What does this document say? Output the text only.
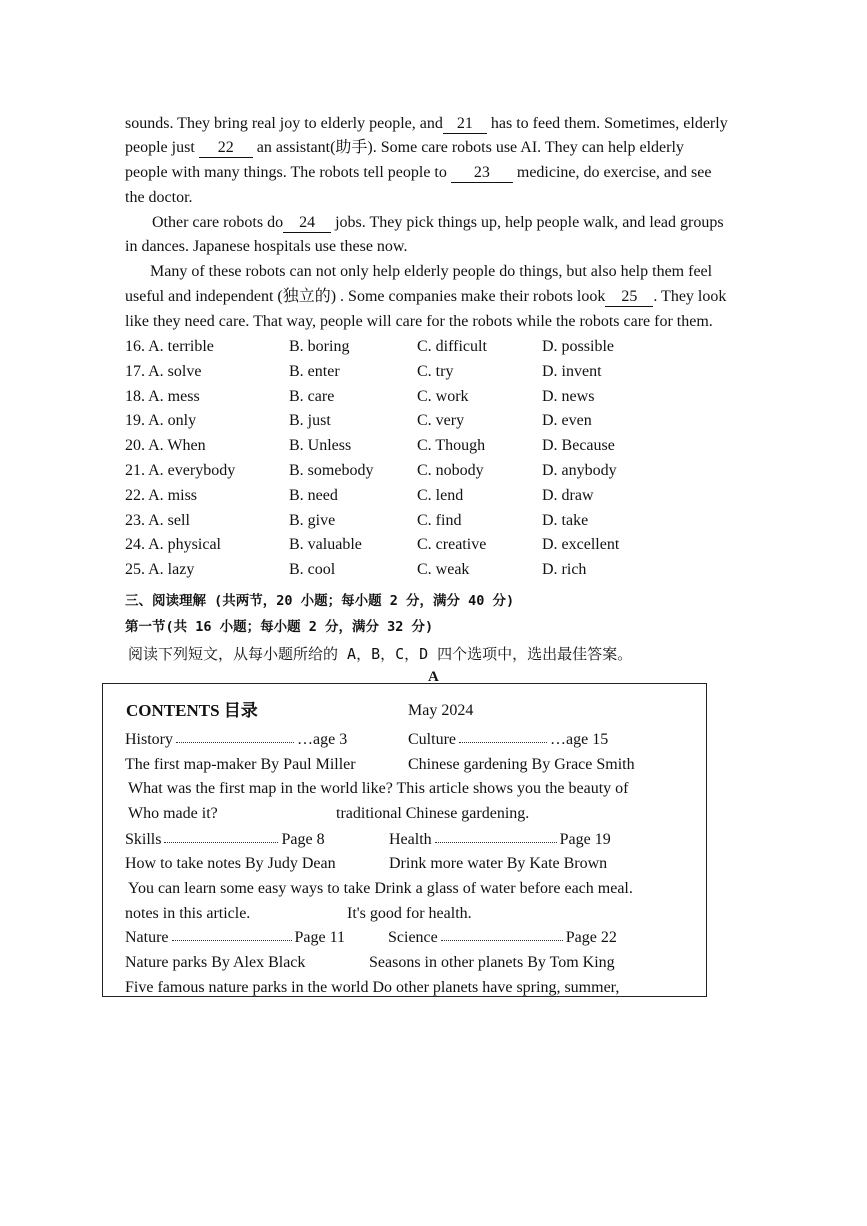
sounds. They bring real joy to elderly people, and 21 has to feed them. Sometimes, elderly
people just 22 an assistant(助手). Some care robots use AI. They can help elderly
people with many things. The robots tell people to 23 medicine, do exercise, and see
the doctor.
Other care robots do 24 jobs. They pick things up, help people walk, and lead groups
in dances. Japanese hospitals use these now.
Many of these robots can not only help elderly people do things, but also help them feel
useful and independent (独立的) . Some companies make their robots look 25 . They look
like they need care. That way, people will care for the robots while the robots care for them.
16. A. terrible	B. boring	C. difficult	D. possible
17. A. solve	B. enter	C. try	D. invent
18. A. mess	B. care	C. work	D. news
19. A. only	B. just	C. very	D. even
20. A. When	B. Unless	C. Though	D. Because
21. A. everybody	B. somebody	C. nobody	D. anybody
22. A. miss	B. need	C. lend	D. draw
23. A. sell	B. give	C. find	D. take
24. A. physical	B. valuable	C. creative	D. excellent
25. A. lazy	B. cool	C. weak	D. rich
三、阅读理解 (共两节，20 小题；每小题 2 分，满分 40 分)
第一节(共 16 小题；每小题 2 分，满分 32 分)
阅读下列短文，从每小题所给的 A，B，C，D 四个选项中，选出最佳答案。
A
CONTENTS 目录	May 2024
History	…age 3	Culture	…age 15
The first map-maker By Paul Miller	Chinese gardening By Grace Smith
What was the first map in the world like? This article shows you the beauty of
Who made it?	traditional Chinese gardening.
Skills	Page 8	Health	Page 19
How to take notes By Judy Dean	Drink more water By Kate Brown
You can learn some easy ways to take Drink a glass of water before each meal.
notes in this article.	It's good for health.
Nature	Page 11	Science	Page 22
Nature parks By Alex Black	Seasons in other planets By Tom King
Five famous nature parks in the world Do other planets have spring, summer,
